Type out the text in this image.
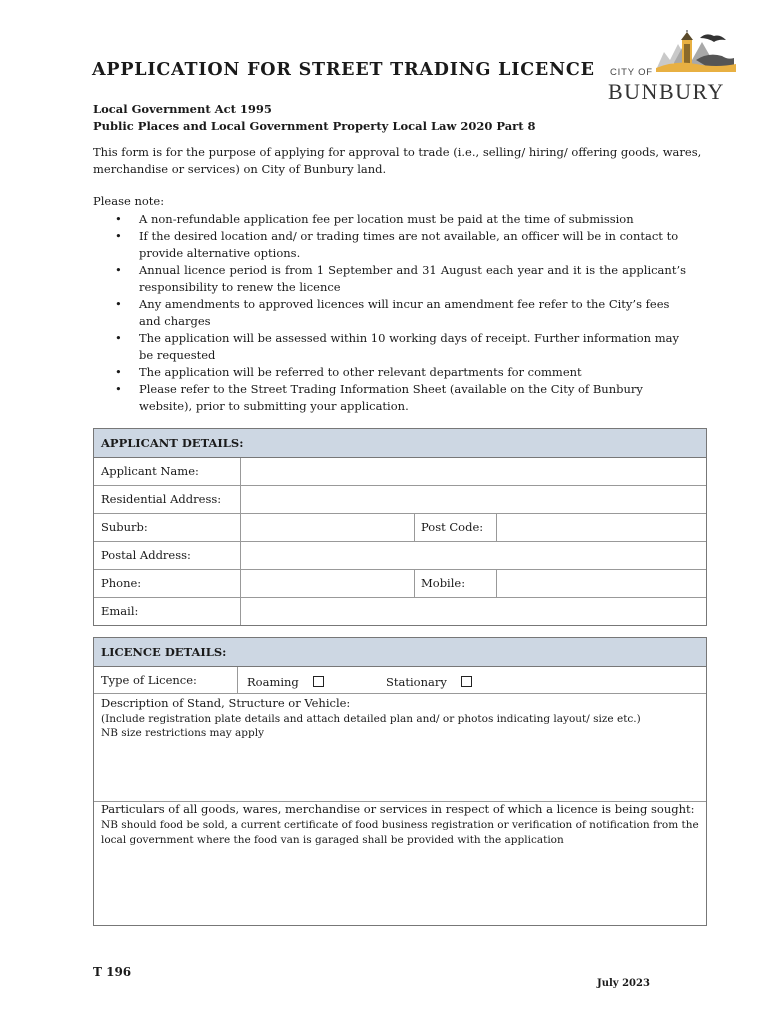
APPLICATION FOR STREET TRADING LICENCE CITY OF
BUNBURY
Local Government Act 1995
Public Places and Local Government Property Local Law 2020 Part 8
This form is for the purpose of applying for approval to trade (i.e., selling/ hiring/ offering goods, wares, merchandise or services) on City of Bunbury land.
Please note:
• A non-refundable application fee per location must be paid at the time of submission
• If the desired location and/ or trading times are not available, an officer will be in contact to provide alternative options.
• Annual licence period is from 1 September and 31 August each year and it is the applicant’s responsibility to renew the licence
• Any amendments to approved licences will incur an amendment fee refer to the City’s fees and charges
• The application will be assessed within 10 working days of receipt. Further information may be requested
• The application will be referred to other relevant departments for comment
• Please refer to the Street Trading Information Sheet (available on the City of Bunbury website), prior to submitting your application.
APPLICANT DETAILS:
Applicant Name:
Residential Address:
Suburb:	Post Code:
Postal Address:
Phone:	Mobile:
Email:
LICENCE DETAILS:
Type of Licence:	Roaming	Stationary
Description of Stand, Structure or Vehicle:
(Include registration plate details and attach detailed plan and/ or photos indicating layout/ size etc.)
NB size restrictions may apply
Particulars of all goods, wares, merchandise or services in respect of which a licence is being sought:
NB should food be sold, a current certificate of food business registration or verification of notification from the local government where the food van is garaged shall be provided with the application
T 196
July 2023
